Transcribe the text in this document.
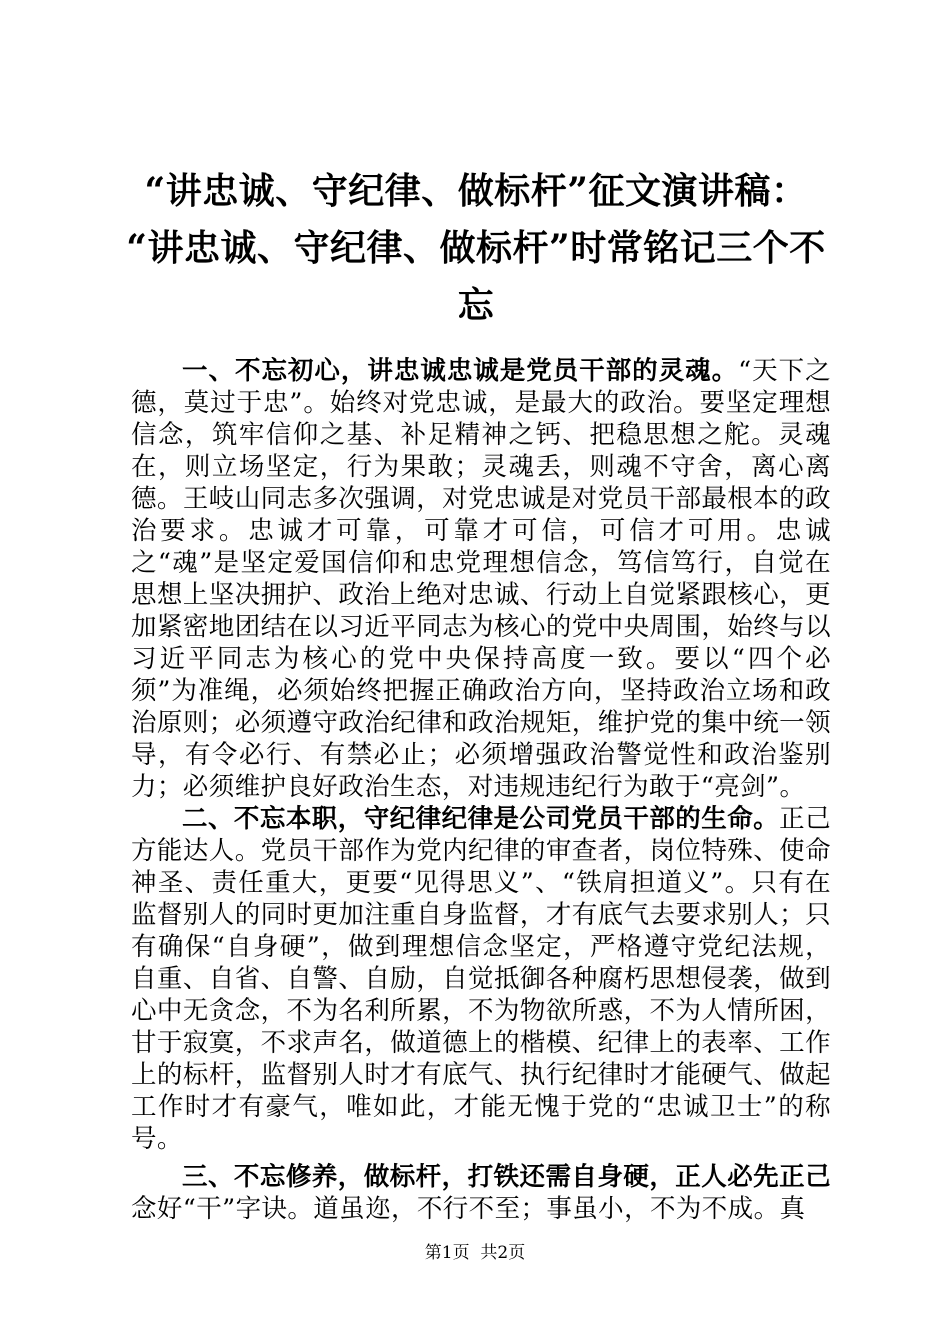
“讲忠诚、守纪律、做标杆”征文演讲稿：
“讲忠诚、守纪律、做标杆”时常铭记三个不
忘

一、不忘初心，讲忠诚忠诚是党员干部的灵魂。“天下之德，莫过于忠”。始终对党忠诚，是最大的政治。要坚定理想信念，筑牢信仰之基、补足精神之钙、把稳思想之舵。灵魂在，则立场坚定，行为果敢；灵魂丢，则魂不守舍，离心离德。王岐山同志多次强调，对党忠诚是对党员干部最根本的政治要求。忠诚才可靠，可靠才可信，可信才可用。忠诚之“魂”是坚定爱国信仰和忠党理想信念，笃信笃行，自觉在思想上坚决拥护、政治上绝对忠诚、行动上自觉紧跟核心，更加紧密地团结在以习近平同志为核心的党中央周围，始终与以习近平同志为核心的党中央保持高度一致。要以“四个必须”为准绳，必须始终把握正确政治方向，坚持政治立场和政治原则；必须遵守政治纪律和政治规矩，维护党的集中统一领导，有令必行、有禁必止；必须增强政治警觉性和政治鉴别力；必须维护良好政治生态，对违规违纪行为敢于“亮剑”。

二、不忘本职，守纪律纪律是公司党员干部的生命。正己方能达人。党员干部作为党内纪律的审查者，岗位特殊、使命神圣、责任重大，更要“见得思义”、“铁肩担道义”。只有在监督别人的同时更加注重自身监督，才有底气去要求别人；只有确保“自身硬”，做到理想信念坚定，严格遵守党纪法规，自重、自省、自警、自励，自觉抵御各种腐朽思想侵袭，做到心中无贪念，不为名利所累，不为物欲所惑，不为人情所困，甘于寂寞，不求声名，做道德上的楷模、纪律上的表率、工作上的标杆，监督别人时才有底气、执行纪律时才能硬气、做起工作时才有豪气，唯如此，才能无愧于党的“忠诚卫士”的称号。

三、不忘修养，做标杆，打铁还需自身硬，正人必先正己念好“干”字诀。道虽迩，不行不至；事虽小，不为不成。真

第1页  共2页
